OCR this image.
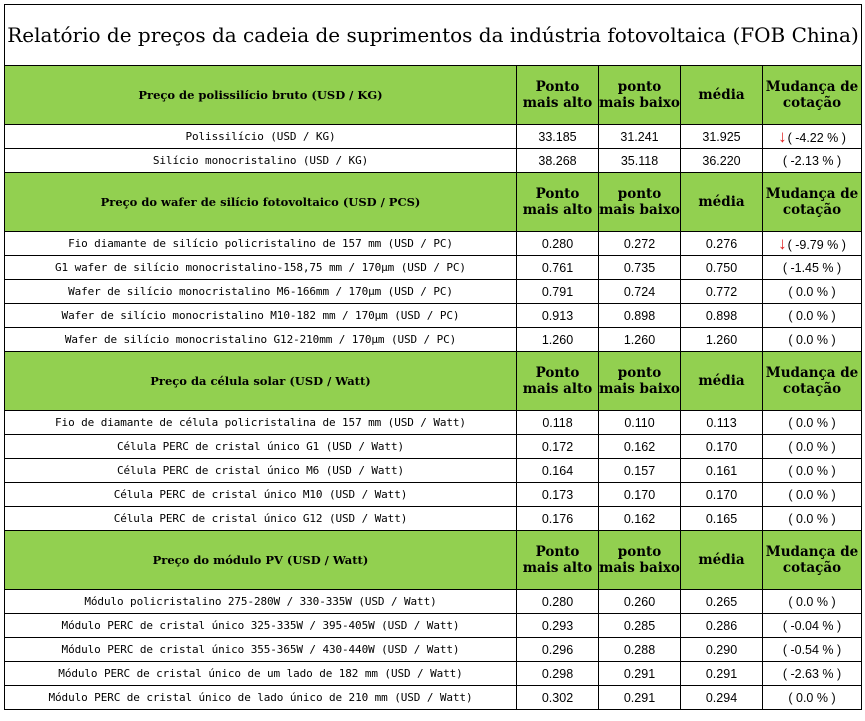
Relatório de preços da cadeia de suprimentos da indústria fotovoltaica (FOB China)				
Preço de polissilício bruto (USD / KG)	Ponto mais alto	ponto mais baixo	média	Mudança de cotação
Polissilício (USD / KG)	33.185	31.241	31.925	↓( -4.22 % )
Silício monocristalino (USD / KG)	38.268	35.118	36.220	( -2.13 % )
Preço do wafer de silício fotovoltaico (USD / PCS)	Ponto mais alto	ponto mais baixo	média	Mudança de cotação
Fio diamante de silício policristalino de 157 mm (USD / PC)	0.280	0.272	0.276	↓( -9.79 % )
G1 wafer de silício monocristalino-158,75 mm / 170μm (USD / PC)	0.761	0.735	0.750	( -1.45 % )
Wafer de silício monocristalino M6-166mm / 170μm (USD / PC)	0.791	0.724	0.772	( 0.0 % )
Wafer de silício monocristalino M10-182 mm / 170μm (USD / PC)	0.913	0.898	0.898	( 0.0 % )
Wafer de silício monocristalino G12-210mm / 170μm (USD / PC)	1.260	1.260	1.260	( 0.0 % )
Preço da célula solar (USD / Watt)	Ponto mais alto	ponto mais baixo	média	Mudança de cotação
Fio de diamante de célula policristalina de 157 mm (USD / Watt)	0.118	0.110	0.113	( 0.0 % )
Célula PERC de cristal único G1 (USD / Watt)	0.172	0.162	0.170	( 0.0 % )
Célula PERC de cristal único M6 (USD / Watt)	0.164	0.157	0.161	( 0.0 % )
Célula PERC de cristal único M10 (USD / Watt)	0.173	0.170	0.170	( 0.0 % )
Célula PERC de cristal único G12 (USD / Watt)	0.176	0.162	0.165	( 0.0 % )
Preço do módulo PV (USD / Watt)	Ponto mais alto	ponto mais baixo	média	Mudança de cotação
Módulo policristalino 275-280W / 330-335W (USD / Watt)	0.280	0.260	0.265	( 0.0 % )
Módulo PERC de cristal único 325-335W / 395-405W (USD / Watt)	0.293	0.285	0.286	( -0.04 % )
Módulo PERC de cristal único 355-365W / 430-440W (USD / Watt)	0.296	0.288	0.290	( -0.54 % )
Módulo PERC de cristal único de um lado de 182 mm (USD / Watt)	0.298	0.291	0.291	( -2.63 % )
Módulo PERC de cristal único de lado único de 210 mm (USD / Watt)	0.302	0.291	0.294	( 0.0 % )
